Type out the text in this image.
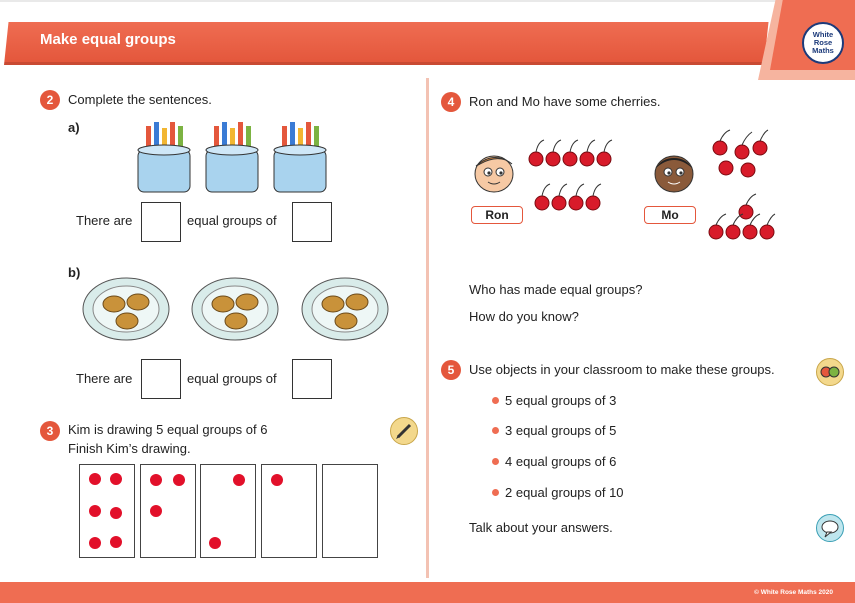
Make equal groups	White
Rose
Maths
2	Complete the sentences.
a)
There are	equal groups of
b)
There are	equal groups of
3	Kim is drawing 5 equal groups of 6
Finish Kim’s drawing.
4	Ron and Mo have some cherries.
Ron	Mo
Who has made equal groups?
How do you know?
5	Use objects in your classroom to make these groups.
5 equal groups of 3
3 equal groups of 5
4 equal groups of 6
2 equal groups of 10
Talk about your answers.
© White Rose Maths 2020
